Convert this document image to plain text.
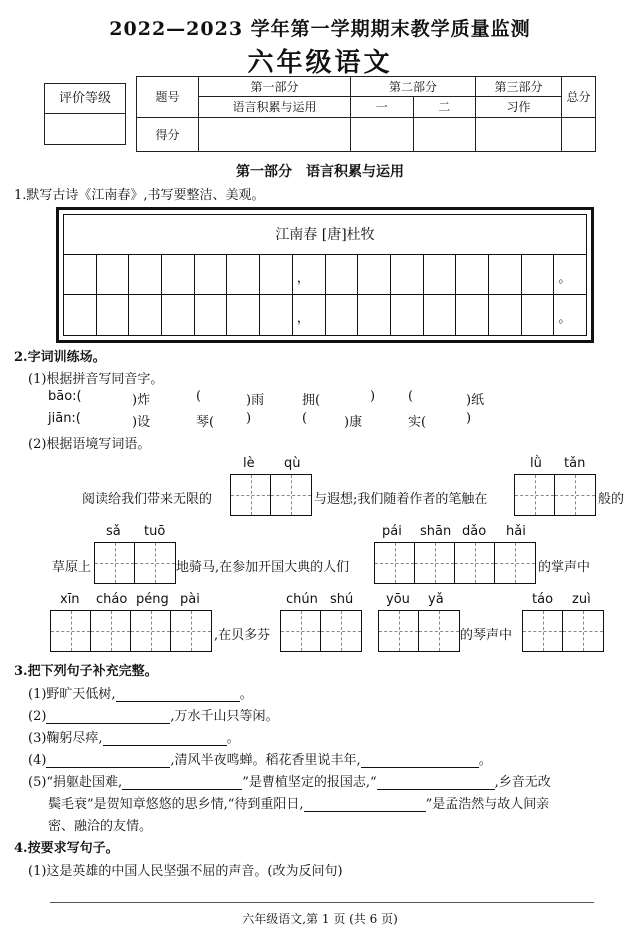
2022—2023 学年第一学期期末教学质量监测
六年级语文
评价等级	题号	第一部分	第二部分		第三部分	总分
	语言积累与运用	一	二	习作	
得分					
第一部分　语言积累与运用
1.默写古诗《江南春》,书写要整洁、美观。
江南春 [唐]杜牧
，	。
，	。
2.字词训练场。
(1)根据拼音写同音字。
bāo:(	)炸	(	)雨	拥(	)	(	)纸
jiān:(	)设	琴( )	(	)康	实(	)
(2)根据语境写词语。
lè qù	lǜ tǎn
阅读给我们带来无限的	与遐想;我们随着作者的笔触在	般的
sǎ tuō	pái shān dǎo hǎi
草原上	地骑马,在参加开国大典的人们	的掌声中
xīn cháo péng pài	chún shú	yōu yǎ	táo zuì
,在贝多芬	的琴声中
3.把下列句子补充完整。
(1)野旷天低树,	。
(2)	,万水千山只等闲。
(3)鞠躬尽瘁,	。
(4)	,清风半夜鸣蝉。稻花香里说丰年,	。
(5)“捐躯赴国难,	”是曹植坚定的报国志,“	,乡音无改
鬓毛衰”是贺知章悠悠的思乡情,“待到重阳日,	”是孟浩然与故人间亲
密、融洽的友情。
4.按要求写句子。
(1)这是英雄的中国人民坚强不屈的声音。(改为反问句)
六年级语文,第 1 页 (共 6 页)
